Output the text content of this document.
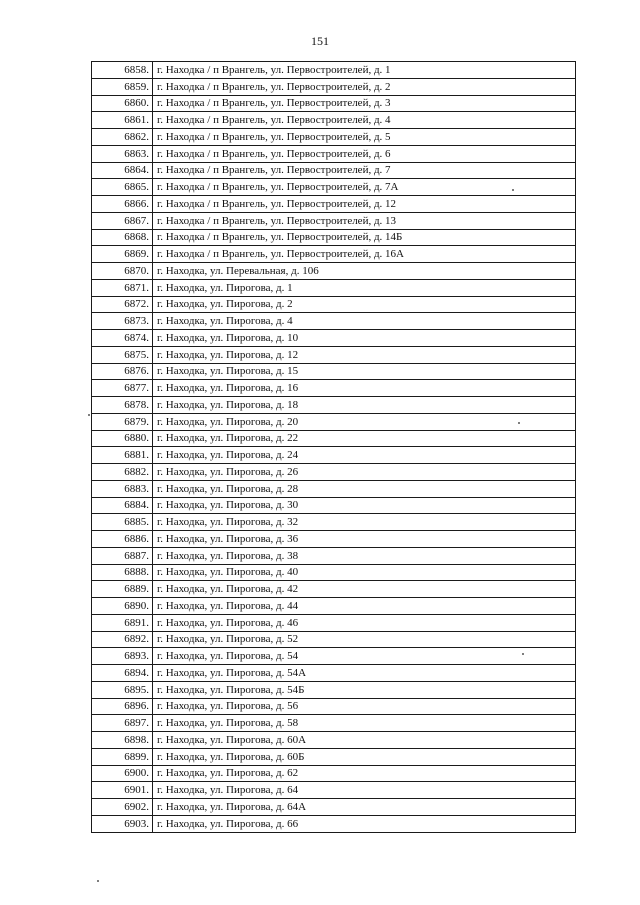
151
6858.	г. Находка / п Врангель, ул. Первостроителей, д. 1
6859.	г. Находка / п Врангель, ул. Первостроителей, д. 2
6860.	г. Находка / п Врангель, ул. Первостроителей, д. 3
6861.	г. Находка / п Врангель, ул. Первостроителей, д. 4
6862.	г. Находка / п Врангель, ул. Первостроителей, д. 5
6863.	г. Находка / п Врангель, ул. Первостроителей, д. 6
6864.	г. Находка / п Врангель, ул. Первостроителей, д. 7
6865.	г. Находка / п Врангель, ул. Первостроителей, д. 7А
6866.	г. Находка / п Врангель, ул. Первостроителей, д. 12
6867.	г. Находка / п Врангель, ул. Первостроителей, д. 13
6868.	г. Находка / п Врангель, ул. Первостроителей, д. 14Б
6869.	г. Находка / п Врангель, ул. Первостроителей, д. 16А
6870.	г. Находка, ул. Перевальная, д. 106
6871.	г. Находка, ул. Пирогова, д. 1
6872.	г. Находка, ул. Пирогова, д. 2
6873.	г. Находка, ул. Пирогова, д. 4
6874.	г. Находка, ул. Пирогова, д. 10
6875.	г. Находка, ул. Пирогова, д. 12
6876.	г. Находка, ул. Пирогова, д. 15
6877.	г. Находка, ул. Пирогова, д. 16
6878.	г. Находка, ул. Пирогова, д. 18
6879.	г. Находка, ул. Пирогова, д. 20
6880.	г. Находка, ул. Пирогова, д. 22
6881.	г. Находка, ул. Пирогова, д. 24
6882.	г. Находка, ул. Пирогова, д. 26
6883.	г. Находка, ул. Пирогова, д. 28
6884.	г. Находка, ул. Пирогова, д. 30
6885.	г. Находка, ул. Пирогова, д. 32
6886.	г. Находка, ул. Пирогова, д. 36
6887.	г. Находка, ул. Пирогова, д. 38
6888.	г. Находка, ул. Пирогова, д. 40
6889.	г. Находка, ул. Пирогова, д. 42
6890.	г. Находка, ул. Пирогова, д. 44
6891.	г. Находка, ул. Пирогова, д. 46
6892.	г. Находка, ул. Пирогова, д. 52
6893.	г. Находка, ул. Пирогова, д. 54
6894.	г. Находка, ул. Пирогова, д. 54А
6895.	г. Находка, ул. Пирогова, д. 54Б
6896.	г. Находка, ул. Пирогова, д. 56
6897.	г. Находка, ул. Пирогова, д. 58
6898.	г. Находка, ул. Пирогова, д. 60А
6899.	г. Находка, ул. Пирогова, д. 60Б
6900.	г. Находка, ул. Пирогова, д. 62
6901.	г. Находка, ул. Пирогова, д. 64
6902.	г. Находка, ул. Пирогова, д. 64А
6903.	г. Находка, ул. Пирогова, д. 66
